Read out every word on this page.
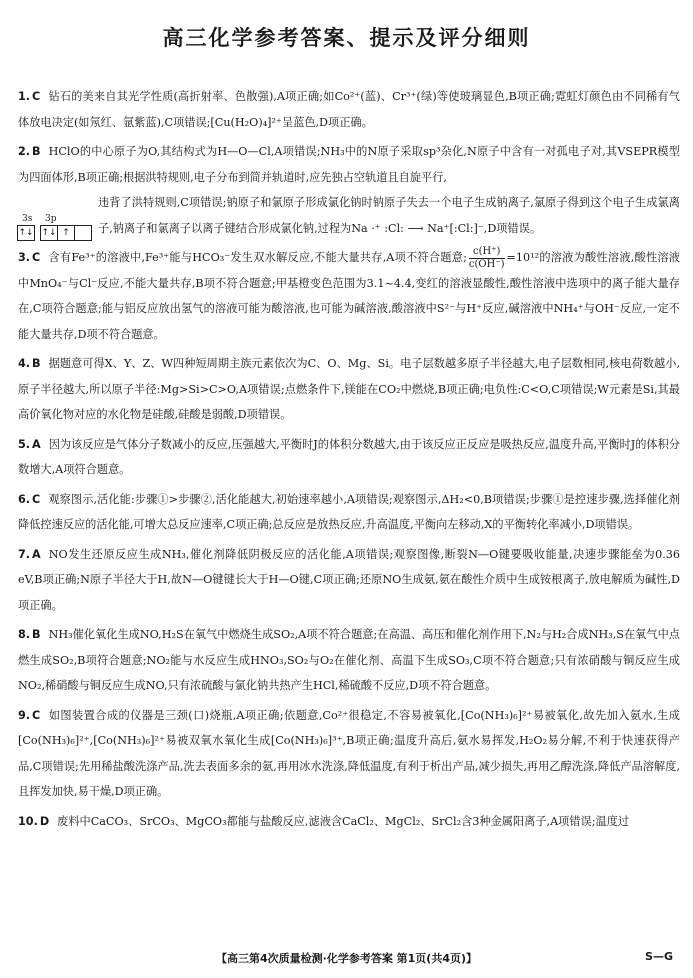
高三化学参考答案、提示及评分细则

1. C 钻石的美来自其光学性质(高折射率、色散强),A项正确;如Co²⁺(蓝)、Cr³⁺(绿)等使玻璃显色,B项正确;霓虹灯颜色由不同稀有气体放电决定(如氖红、氩紫蓝),C项错误;[Cu(H₂O)₄]²⁺呈蓝色,D项正确。

2. B HClO的中心原子为O,其结构式为H—O—Cl,A项错误;NH₃中的N原子采取sp³杂化,N原子中含有一对孤电子对,其VSEPR模型为四面体形,B项正确;根据洪特规则,电子分布到简并轨道时,应先独占空轨道且自旋平行,
3s
↑↓
3p
↑↓ ↑
违背了洪特规则,C项错误;钠原子和氯原子形成氯化钠时钠原子失去一个电子生成钠离子,氯原子得到这个电子生成氯离子,钠离子和氯离子以离子键结合形成氯化钠,过程为Na ·⁺ :Cl: ⟶ Na⁺[:Cl:]⁻,D项错误。

3. C 含有Fe³⁺的溶液中,Fe³⁺能与HCO₃⁻发生双水解反应,不能大量共存,A项不符合题意; $\frac{c(H^+)}{c(OH^-)} =10^{12}$的溶液为酸性溶液,酸性溶液中MnO₄⁻与Cl⁻反应,不能大量共存,B项不符合题意;甲基橙变色范围为3.1~4.4,变红的溶液显酸性,酸性溶液中选项中的离子能大量存在,C项符合题意;能与铝反应放出氢气的溶液可能为酸溶液,也可能为碱溶液,酸溶液中S²⁻与H⁺反应,碱溶液中NH₄⁺与OH⁻反应,一定不能大量共存,D项不符合题意。

4. B 据题意可得X、Y、Z、W四种短周期主族元素依次为C、O、Mg、Si。电子层数越多原子半径越大,电子层数相同,核电荷数越小,原子半径越大,所以原子半径:Mg>Si>C>O,A项错误;点燃条件下,镁能在CO₂中燃烧,B项正确;电负性:C<O,C项错误;W元素是Si,其最高价氧化物对应的水化物是硅酸,硅酸是弱酸,D项错误。

5. A 因为该反应是气体分子数减小的反应,压强越大,平衡时J的体积分数越大,由于该反应正反应是吸热反应,温度升高,平衡时J的体积分数增大,A项符合题意。

6. C 观察图示,活化能:步骤①>步骤②,活化能越大,初始速率越小,A项错误;观察图示,ΔH₂<0,B项错误;步骤①是控速步骤,选择催化剂降低控速反应的活化能,可增大总反应速率,C项正确;总反应是放热反应,升高温度,平衡向左移动,X的平衡转化率减小,D项错误。

7. A NO发生还原反应生成NH₃,催化剂降低阴极反应的活化能,A项错误;观察图像,断裂N—O键要吸收能量,决速步骤能垒为0.36 eV,B项正确;N原子半径大于H,故N—O键键长大于H—O键,C项正确;还原NO生成氨,氨在酸性介质中生成铵根离子,放电解质为碱性,D项正确。

8. B NH₃催化氧化生成NO,H₂S在氧气中燃烧生成SO₂,A项不符合题意;在高温、高压和催化剂作用下,N₂与H₂合成NH₃,S在氧气中点燃生成SO₂,B项符合题意;NO₂能与水反应生成HNO₃,SO₂与O₂在催化剂、高温下生成SO₃,C项不符合题意;只有浓硝酸与铜反应生成NO₂,稀硝酸与铜反应生成NO,只有浓硫酸与氯化钠共热产生HCl,稀硫酸不反应,D项不符合题意。

9. C 如图装置合成的仪器是三颈(口)烧瓶,A项正确;依题意,Co²⁺很稳定,不容易被氧化,[Co(NH₃)₆]²⁺易被氧化,故先加入氨水,生成[Co(NH₃)₆]²⁺,[Co(NH₃)₆]²⁺易被双氧水氧化生成[Co(NH₃)₆]³⁺,B项正确;温度升高后,氨水易挥发,H₂O₂易分解,不利于快速获得产品,C项错误;先用稀盐酸洗涤产品,洗去表面多余的氨,再用冰水洗涤,降低温度,有利于析出产品,减少损失,再用乙醇洗涤,降低产品溶解度,且挥发加快,易干燥,D项正确。

10. D 废料中CaCO₃、SrCO₃、MgCO₃都能与盐酸反应,滤液含CaCl₂、MgCl₂、SrCl₂含3种金属阳离子,A项错误;温度过

【高三第4次质量检测·化学参考答案 第1页(共4页)】	S—G
